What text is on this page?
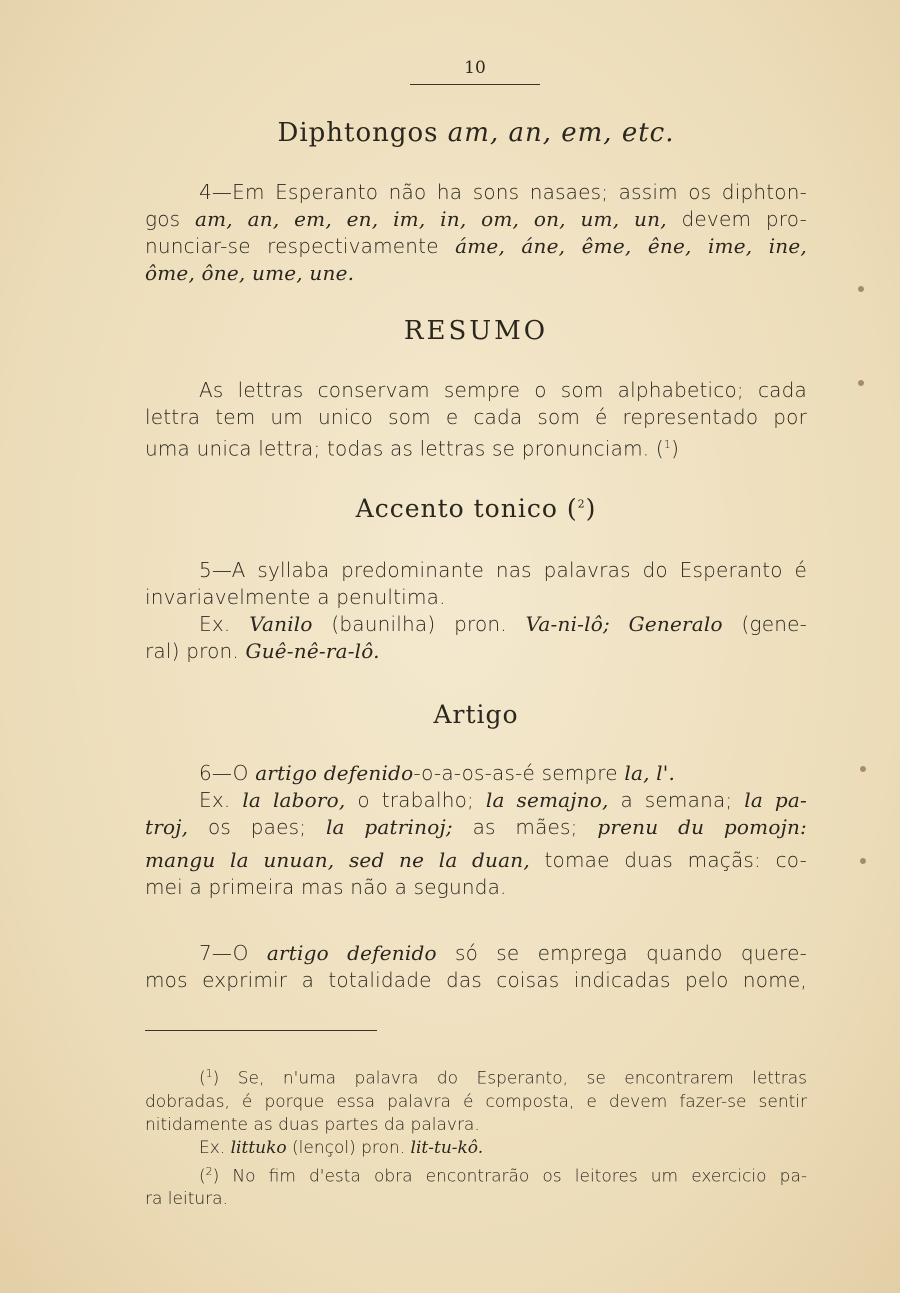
10
Diphtongos am, an, em, etc.
4—Em Esperanto não ha sons nasaes; assim os diphton-
gos am, an, em, en, im, in, om, on, um, un, devem pro-
nunciar-se respectivamente áme, áne, ême, êne, ime, ine,
ôme, ône, ume, une.
RESUMO
As lettras conservam sempre o som alphabetico; cada
lettra tem um unico som e cada som é representado por
uma unica lettra; todas as lettras se pronunciam. ($^1$)
Accento tonico ($^2$)
5—A syllaba predominante nas palavras do Esperanto é
invariavelmente a penultima.
Ex. Vanilo (baunilha) pron. Va-ni-lô; Generalo (gene-
ral) pron. Guê-nê-ra-lô.
Artigo
6—O artigo defenido-o-a-os-as-é sempre la, l'.
Ex. la laboro, o trabalho; la semajno, a semana; la pa-
troj, os paes; la patrinoj; as mães; prenu du pomojn:
mangu la unuan, sed ne la duan, tomae duas maçãs: co-
mei a primeira mas não a segunda.
7—O artigo defenido só se emprega quando quere-
mos exprimir a totalidade das coisas indicadas pelo nome,
($^1$) Se, n'uma palavra do Esperanto, se encontrarem lettras
dobradas, é porque essa palavra é composta, e devem fazer-se sentir
nitidamente as duas partes da palavra.
Ex. littuko (lençol) pron. lit-tu-kô.
($^2$) No fim d'esta obra encontrarão os leitores um exercicio pa-
ra leitura.
